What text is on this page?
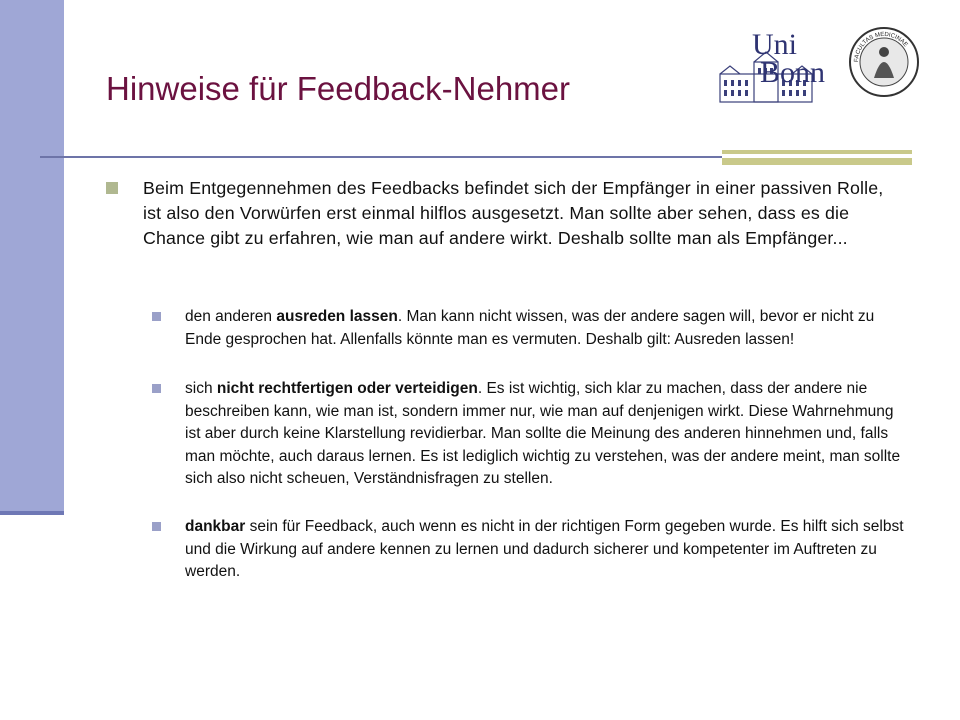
Hinweise für Feedback-Nehmer
Uni
Bonn	FACULTAS MEDICINAE

Beim Entgegennehmen des Feedbacks befindet sich der Empfänger in einer passiven Rolle, ist also den Vorwürfen erst einmal hilflos ausgesetzt. Man sollte aber sehen, dass es die Chance gibt zu erfahren, wie man auf andere wirkt. Deshalb sollte man als Empfänger...

den anderen ausreden lassen. Man kann nicht wissen, was der andere sagen will, bevor er nicht zu Ende gesprochen hat. Allenfalls könnte man es vermuten. Deshalb gilt: Ausreden lassen!

sich nicht rechtfertigen oder verteidigen. Es ist wichtig, sich klar zu machen, dass der andere nie beschreiben kann, wie man ist, sondern immer nur, wie man auf denjenigen wirkt. Diese Wahrnehmung ist aber durch keine Klarstellung revidierbar. Man sollte die Meinung des anderen hinnehmen und, falls man möchte, auch daraus lernen. Es ist lediglich wichtig zu verstehen, was der andere meint, man sollte sich also nicht scheuen, Verständnisfragen zu stellen.

dankbar sein für Feedback, auch wenn es nicht in der richtigen Form gegeben wurde. Es hilft sich selbst und die Wirkung auf andere kennen zu lernen und dadurch sicherer und kompetenter im Auftreten zu werden.
